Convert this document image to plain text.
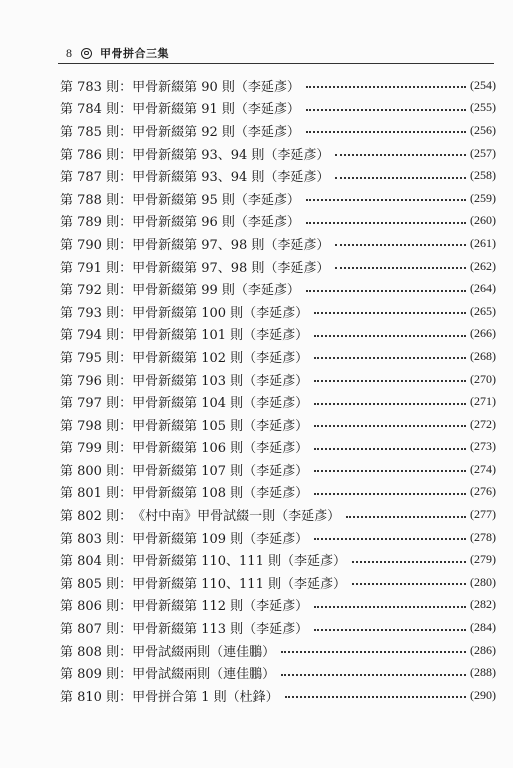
8	甲骨拼合三集
第 783 則： 甲骨新綴第 90 則（李延彥）	(254)
第 784 則： 甲骨新綴第 91 則（李延彥）	(255)
第 785 則： 甲骨新綴第 92 則（李延彥）	(256)
第 786 則： 甲骨新綴第 93、94 則（李延彥）	(257)
第 787 則： 甲骨新綴第 93、94 則（李延彥）	(258)
第 788 則： 甲骨新綴第 95 則（李延彥）	(259)
第 789 則： 甲骨新綴第 96 則（李延彥）	(260)
第 790 則： 甲骨新綴第 97、98 則（李延彥）	(261)
第 791 則： 甲骨新綴第 97、98 則（李延彥）	(262)
第 792 則： 甲骨新綴第 99 則（李延彥）	(264)
第 793 則： 甲骨新綴第 100 則（李延彥）	(265)
第 794 則： 甲骨新綴第 101 則（李延彥）	(266)
第 795 則： 甲骨新綴第 102 則（李延彥）	(268)
第 796 則： 甲骨新綴第 103 則（李延彥）	(270)
第 797 則： 甲骨新綴第 104 則（李延彥）	(271)
第 798 則： 甲骨新綴第 105 則（李延彥）	(272)
第 799 則： 甲骨新綴第 106 則（李延彥）	(273)
第 800 則： 甲骨新綴第 107 則（李延彥）	(274)
第 801 則： 甲骨新綴第 108 則（李延彥）	(276)
第 802 則： 《村中南》甲骨試綴一則（李延彥）	(277)
第 803 則： 甲骨新綴第 109 則（李延彥）	(278)
第 804 則： 甲骨新綴第 110、111 則（李延彥）	(279)
第 805 則： 甲骨新綴第 110、111 則（李延彥）	(280)
第 806 則： 甲骨新綴第 112 則（李延彥）	(282)
第 807 則： 甲骨新綴第 113 則（李延彥）	(284)
第 808 則： 甲骨試綴兩則（連佳鵬）	(286)
第 809 則： 甲骨試綴兩則（連佳鵬）	(288)
第 810 則： 甲骨拼合第 1 則（杜鋒）	(290)
